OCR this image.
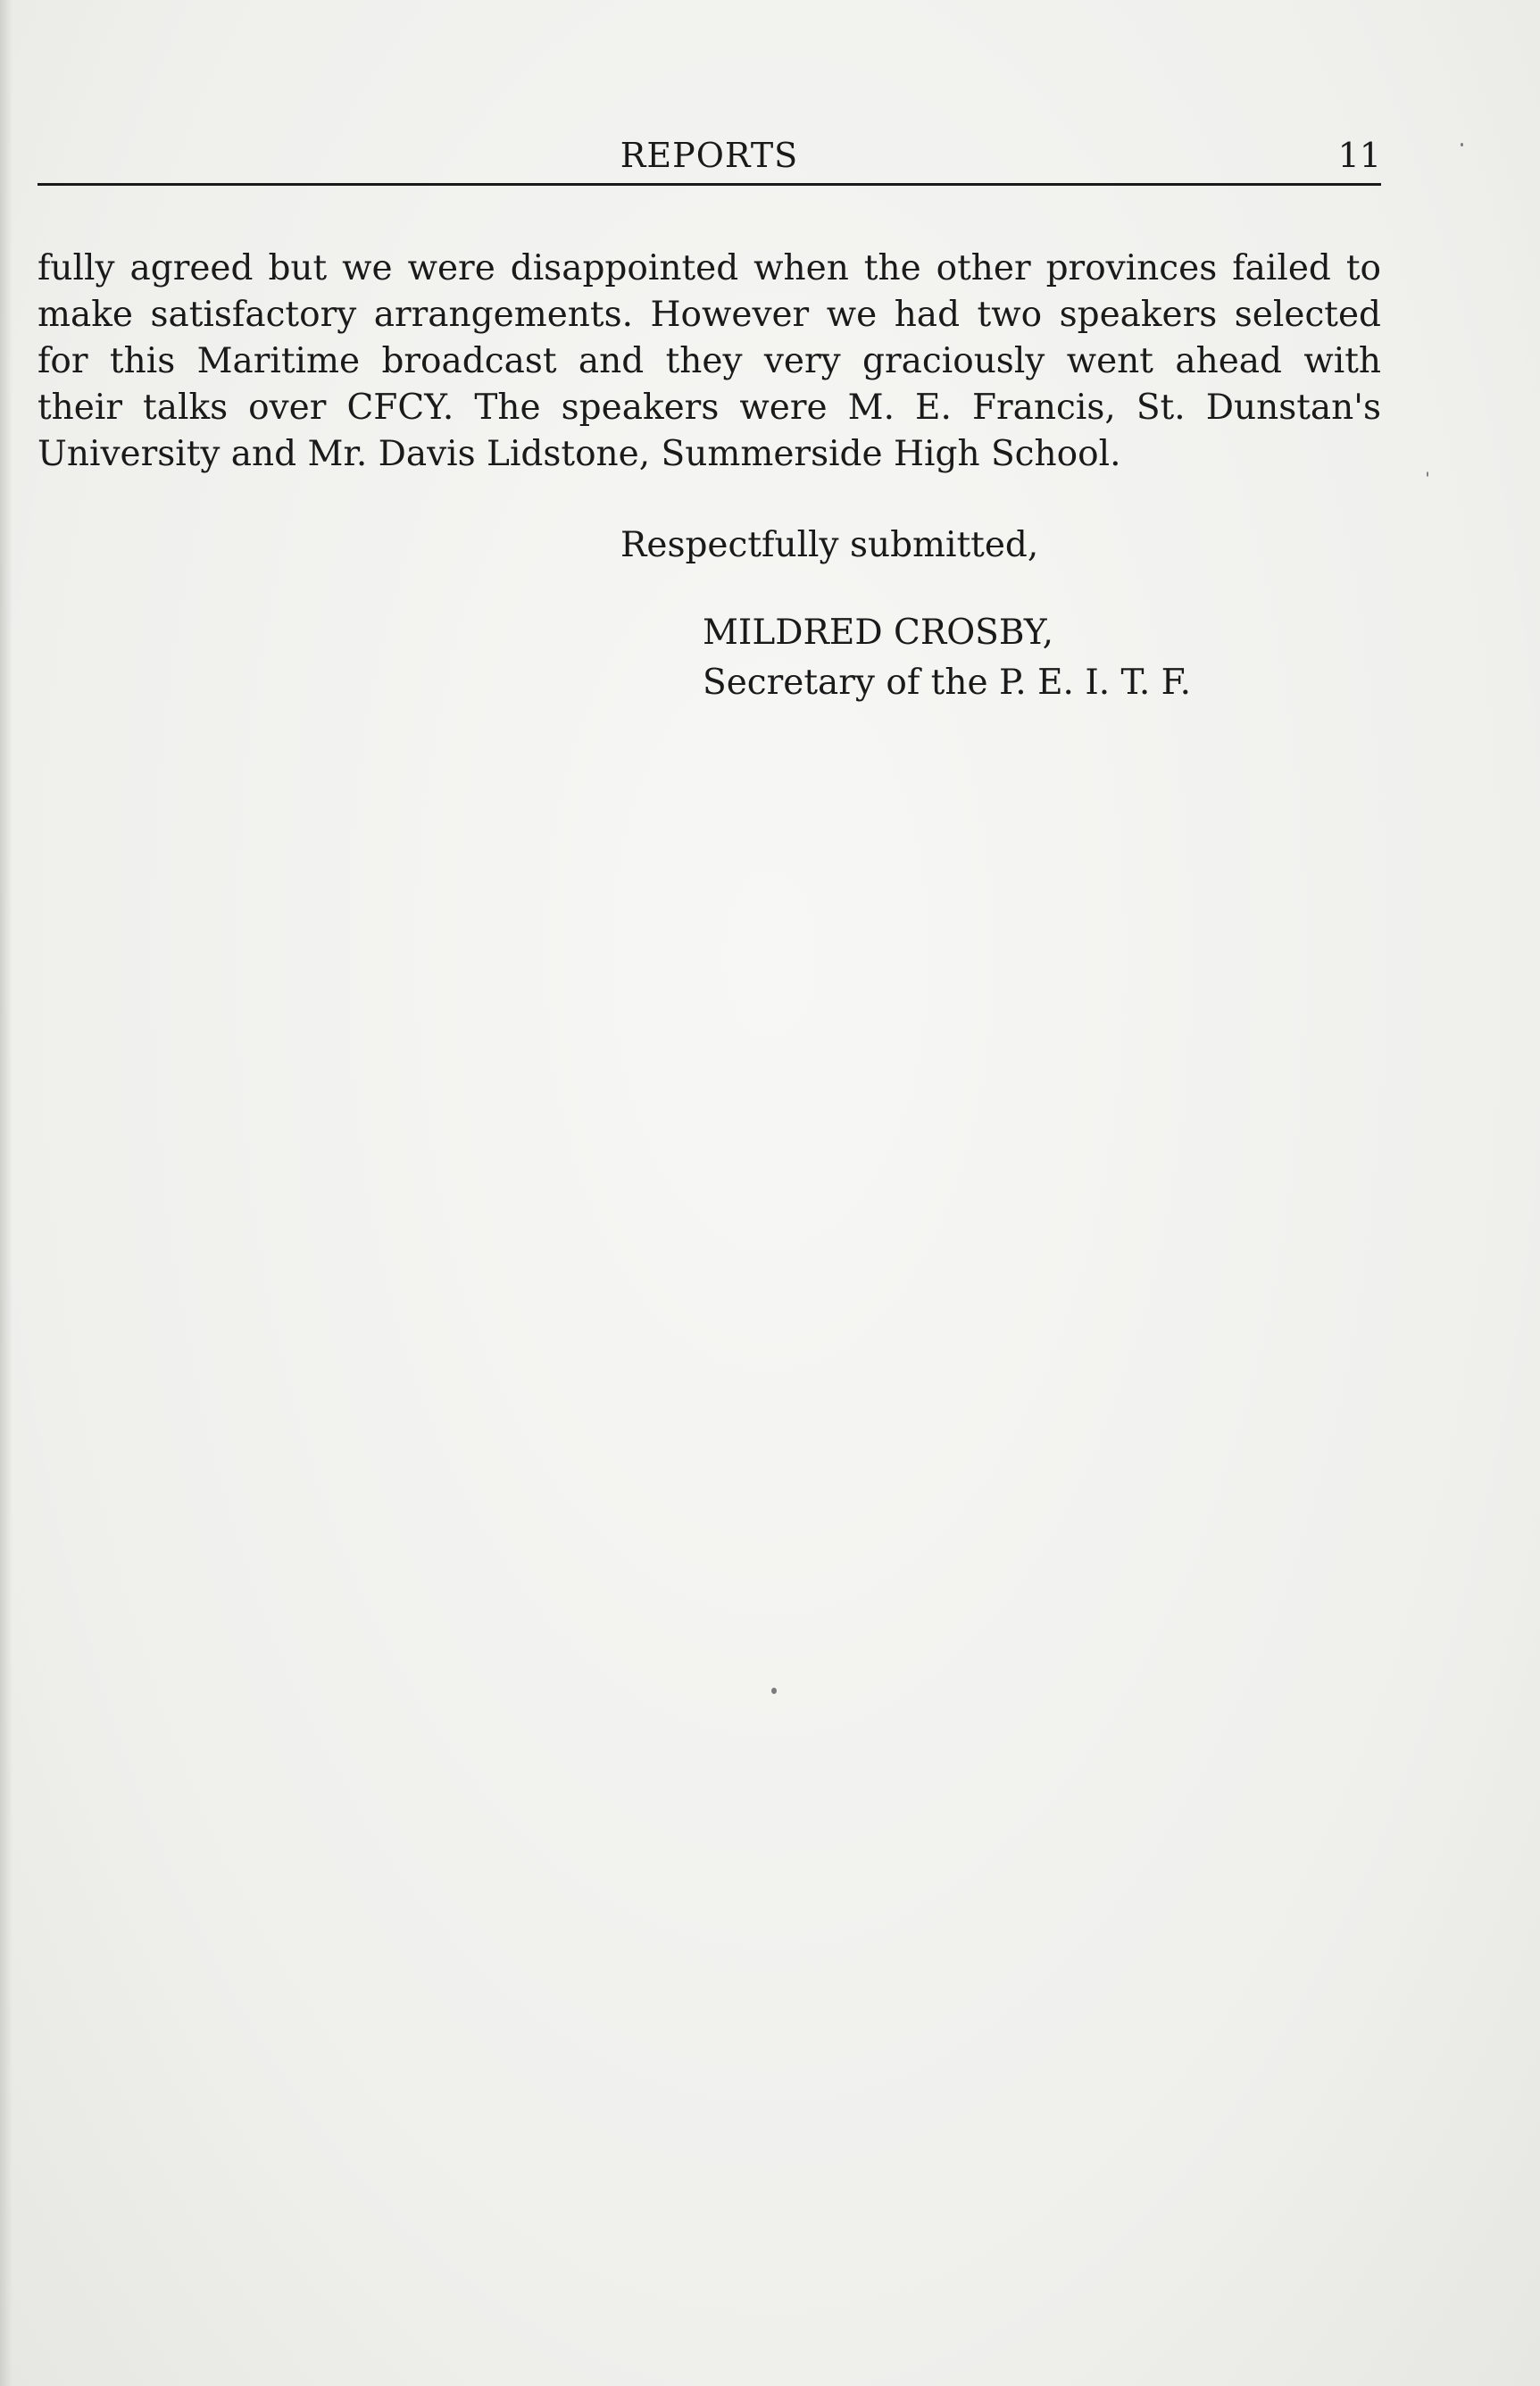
REPORTS	11
fully agreed but we were disappointed when the other provinces failed to
make satisfactory arrangements. However we had two speakers selected
for this Maritime broadcast and they very graciously went ahead with
their talks over CFCY. The speakers were M. E. Francis, St. Dunstan's
University and Mr. Davis Lidstone, Summerside High School.
Respectfully submitted,
MILDRED CROSBY,
Secretary of the P. E. I. T. F.
